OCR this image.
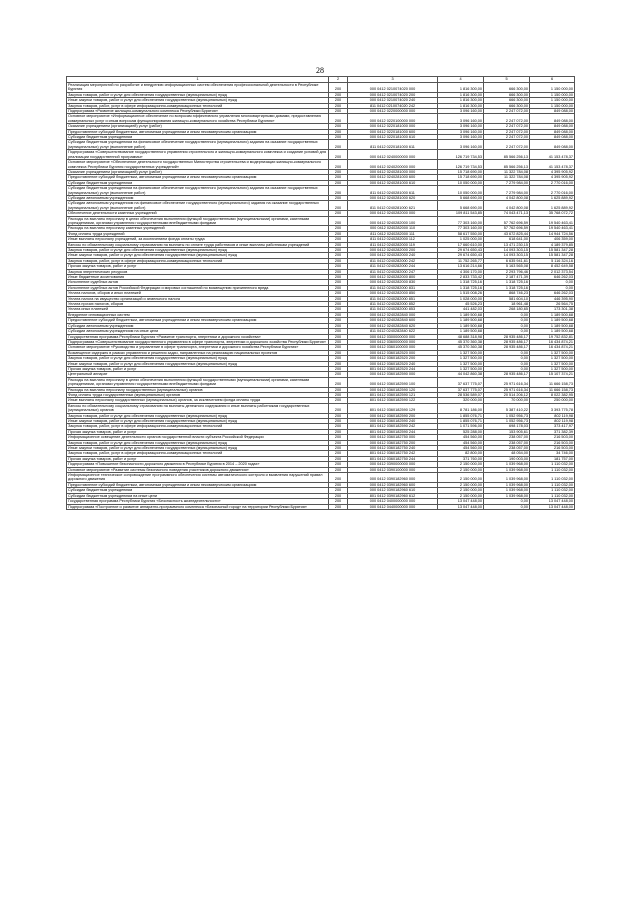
28
1	2	3	4	5	6
Реализация мероприятий по разработке и внедрению информационных систем обеспечения профессиональной деятельности в Республике Бурятия	200	000 0412 0210074020 000	1 816 300,00	666 300,00	1 150 000,00
Закупка товаров, работ и услуг для обеспечения государственных (муниципальных) нужд	200	000 0412 0210074020 200	1 816 300,00	666 300,00	1 150 000,00
Иные закупки товаров, работ и услуг для обеспечения государственных (муниципальных) нужд	200	000 0412 0210074020 240	1 816 300,00	666 300,00	1 150 000,00
Закупка товаров, работ, услуг в сфере информационно-коммуникационных технологий	200	811 0412 0210074020 242	1 816 300,00	666 300,00	1 150 000,00
Подпрограмма «Развитие жилищно-коммунального комплекса Республики Бурятия»	200	000 0412 0220000000 000	3 096 160,00	2 247 072,00	849 088,00
Основное мероприятие «Информационное обеспечение по вопросам эффективного управления многоквартирными домами, предоставлению коммунальных услуг и иным вопросам функционирования жилищно-коммунального хозяйства Республики Бурятия»	200	000 0412 0220100000 000	3 096 160,00	2 247 072,00	849 088,00
Оказание учреждением (организацией) услуг (работ)	200	000 0412 0220181000 000	3 096 160,00	2 247 072,00	849 088,00
Предоставление субсидий бюджетным, автономным учреждениям и иным некоммерческим организациям	200	000 0412 0220181000 600	3 096 160,00	2 247 072,00	849 088,00
Субсидии бюджетным учреждениям	200	000 0412 0220181000 610	3 096 160,00	2 247 072,00	849 088,00
Субсидии бюджетным учреждениям на финансовое обеспечение государственного (муниципального) задания на оказание государственных (муниципальных) услуг (выполнение работ)	200	811 0412 0220181000 611	3 096 160,00	2 247 072,00	849 088,00
Подпрограмма «Совершенствование государственного управления строительного и жилищно-коммунального комплекса и создание условий для реализации государственной программы»	200	000 0412 0240000000 000	126 719 734,53	85 566 256,13	41 153 478,37
Основное мероприятие «Обеспечение деятельности государственных Министерства строительства и модернизации жилищно-коммунального комплекса Республики Бурятия государственных учреждений»	200	000 0412 0240200000 000	126 719 734,53	85 566 256,13	41 153 478,37
Оказание учреждением (организацией) услуг (работ)	200	000 0412 0240281000 000	15 718 690,00	11 322 784,08	4 395 905,92
Предоставление субсидий бюджетным, автономным учреждениям и иным некоммерческим организациям	200	000 0412 0240281000 600	15 718 690,00	11 322 784,08	4 395 905,92
Субсидии бюджетным учреждениям	200	000 0412 0240281000 610	10 050 000,00	7 279 984,00	2 770 016,00
Субсидии бюджетным учреждениям на финансовое обеспечение государственного (муниципального) задания на оказание государственных (муниципальных) услуг (выполнение работ)	200	811 0412 0240281000 611	10 050 000,00	7 279 984,00	2 770 016,00
Субсидии автономным учреждениям	200	000 0412 0240281000 620	5 668 690,00	4 042 800,08	1 625 889,92
Субсидии автономным учреждениям на финансовое обеспечение государственного (муниципального) задания на оказание государственных (муниципальных) услуг (выполнение работ)	200	811 0412 0240281000 621	5 668 690,00	4 042 800,08	1 625 889,92
Обеспечение деятельности казенных учреждений	200	000 0412 0240282000 000	109 811 543,85	74 043 471,13	35 768 072,72
Расходы на выплаты персоналу в целях обеспечения выполнения функций государственными (муниципальными) органами, казенными учреждениями, органами управления государственными внебюджетными фондами	200	000 0412 0240282000 100	77 303 160,00	57 762 696,59	19 540 463,41
Расходы на выплаты персоналу казенных учреждений	200	000 0412 0240282000 110	77 303 160,00	57 762 696,59	19 540 463,41
Фонд оплаты труда учреждений	200	811 0412 0240282000 111	58 617 550,00	43 672 825,44	14 944 724,56
Иные выплаты персоналу учреждений, за исключением фонда оплаты труда	200	811 0412 0240282000 112	1 025 000,00	618 641,00	406 359,00
Взносы по обязательному социальному страхованию на выплаты по оплате труда работников и иные выплаты работникам учреждений	200	811 0412 0240282000 119	17 660 610,00	13 471 230,15	4 189 379,85
Закупка товаров, работ и услуг для обеспечения государственных (муниципальных) нужд	200	000 0412 0240282000 200	29 674 650,43	14 093 303,15	15 581 347,28
Иные закупки товаров, работ и услуг для обеспечения государственных (муниципальных) нужд	200	000 0412 0240282000 240	29 674 650,43	14 093 303,15	15 581 347,28
Закупка товаров, работ, услуг в сфере информационно-коммуникационных технологий	200	811 0412 0240282000 242	11 752 265,77	6 635 941,61	5 116 324,16
Прочая закупка товаров, работ и услуг	200	811 0412 0240282000 244	13 616 214,66	5 163 565,08	8 452 649,58
Закупка энергетических ресурсов	200	811 0412 0240282000 247	4 306 170,00	2 293 796,46	2 012 373,54
Иные бюджетные ассигнования	200	000 0412 0240282000 800	2 833 733,42	2 187 471,39	646 262,03
Исполнение судебных актов	200	000 0412 0240282000 830	1 318 725,16	1 318 725,16	0,00
Исполнение судебных актов Российской Федерации и мировых соглашений по возмещению причиненного вреда	200	811 0412 0240282000 831	1 318 725,16	1 318 725,16	0,00
Уплата налогов, сборов и иных платежей	200	000 0412 0240282000 850	1 515 008,26	868 746,23	646 262,03
Уплата налога на имущество организаций и земельного налога	200	811 0412 0240282000 851	1 028 000,00	581 604,10	446 395,90
Уплата прочих налогов, сборов	200	811 0412 0240282000 852	45 526,23	18 961,48	26 564,75
Уплата иных платежей	200	811 0412 0240282000 853	441 482,03	268 180,65	173 301,38
Внедрение инновационных систем	200	000 0412 0240282840 000	1 189 500,68	0,00	1 189 500,68
Предоставление субсидий бюджетным, автономным учреждениям и иным некоммерческим организациям	200	000 0412 0240282840 600	1 189 500,68	0,00	1 189 500,68
Субсидии автономным учреждениям	200	000 0412 0240282840 620	1 189 500,68	0,00	1 189 500,68
Субсидии автономным учреждениям на иные цели	200	811 0412 0240282840 622	1 189 500,68	0,00	1 189 500,68
Государственная программа Республики Бурятия «Развитие транспорта, энергетики и дорожного хозяйства»	200	000 0412 0300000000 000	48 688 318,98	28 935 486,17	19 752 832,81
Подпрограмма «Совершенствование государственного управления в сфере транспорта, энергетики и дорожного хозяйства Республики Бурятия»	200	000 0412 0360000000 000	45 370 360,38	28 935 486,17	16 434 874,21
Основное мероприятие «Руководство и управление в сфере транспорта, энергетики и дорожного хозяйства Республики Бурятия»	200	000 0412 0360100000 000	45 370 360,38	28 935 486,17	16 434 874,21
Возмещение издержек в рамках управления и решения задач, направленных на реализацию национальных проектов	200	000 0412 0360182520 000	1 327 500,00	0,00	1 327 500,00
Закупка товаров, работ и услуг для обеспечения государственных (муниципальных) нужд	200	000 0412 0360182520 200	1 327 500,00	0,00	1 327 500,00
Иные закупки товаров, работ и услуг для обеспечения государственных (муниципальных) нужд	200	000 0412 0360182520 240	1 327 500,00	0,00	1 327 500,00
Прочая закупка товаров, работ и услуг	200	801 0412 0360182520 244	1 327 500,00	0,00	1 327 500,00
Центральный аппарат	200	000 0412 0360182590 000	44 042 860,38	28 935 486,17	15 107 374,21
Расходы на выплаты персоналу в целях обеспечения выполнения функций государственными (муниципальными) органами, казенными учреждениями, органами управления государственными внебюджетными фондами	200	000 0412 0360182590 100	37 637 775,07	25 971 616,34	11 666 158,73
Расходы на выплаты персоналу государственных (муниципальных) органов	200	000 0412 0360182590 120	37 637 775,07	25 971 616,34	11 666 158,73
Фонд оплаты труда государственных (муниципальных) органов	200	801 0412 0360182590 121	28 536 589,07	20 514 206,12	8 022 382,95
Иные выплаты персоналу государственных (муниципальных) органов, за исключением фонда оплаты труда	200	801 0412 0360182590 122	320 000,00	70 000,00	250 000,00
Взносы по обязательному социальному страхованию на выплаты денежного содержания и иные выплаты работникам государственных (муниципальных) органов	200	801 0412 0360182590 129	8 781 186,00	5 387 410,22	3 393 775,78
Закупка товаров, работ и услуг для обеспечения государственных (муниципальных) нужд	200	000 0412 0360182590 200	1 855 076,71	1 052 956,73	802 119,98
Иные закупки товаров, работ и услуг для обеспечения государственных (муниципальных) нужд	200	000 0412 0360182590 240	1 855 076,71	1 052 956,73	802 119,98
Закупка товаров, работ, услуг в сфере информационно-коммуникационных технологий	200	801 0412 0360182590 242	1 071 596,00	698 178,03	373 417,97
Прочая закупка товаров, работ и услуг	200	801 0412 0360182590 244	525 288,00	153 905,61	371 382,39
Информационное освещение деятельности органов государственной власти субъекта Российской Федерации	200	000 0412 0360182750 000	454 560,00	238 057,00	216 503,00
Закупка товаров, работ и услуг для обеспечения государственных (муниципальных) нужд	200	000 0412 0360182750 200	454 560,00	238 057,00	216 503,00
Иные закупки товаров, работ и услуг для обеспечения государственных (муниципальных) нужд	200	000 0412 0360182750 240	454 560,00	238 057,00	216 503,00
Закупка товаров, работ, услуг в сфере информационно-коммуникационных технологий	200	801 0412 0360182750 242	82 800,00	48 054,00	34 746,00
Прочая закупка товаров, работ и услуг	200	801 0412 0360182750 244	371 760,00	190 003,00	181 757,00
Подпрограмма «Повышение безопасности дорожного движения в Республике Бурятия в 2014 – 2020 годах»	200	000 0412 0390000000 000	2 150 000,00	1 039 968,00	1 110 032,00
Основное мероприятие «Развитие системы безопасного поведения участников дорожного движения»	200	000 0412 0390100000 000	2 150 000,00	1 039 968,00	1 110 032,00
Информационное техническое сопровождение программного обеспечения системы автоматического контроля и выявления нарушений правил дорожного движения	200	000 0412 0390182960 000	2 150 000,00	1 039 968,00	1 110 032,00
Предоставление субсидий бюджетным, автономным учреждениям и иным некоммерческим организациям	200	000 0412 0390182960 600	2 150 000,00	1 039 968,00	1 110 032,00
Субсидии бюджетным учреждениям	200	000 0412 0390182960 610	2 150 000,00	1 039 968,00	1 110 032,00
Субсидии бюджетным учреждениям на иные цели	200	801 0412 0390182960 612	2 150 000,00	1 039 968,00	1 110 032,00
Государственная программа Республики Бурятия «Безопасность жизнедеятельности»	200	000 0412 0400000000 000	13 047 448,00	0,00	13 047 448,00
Подпрограмма «Построение и развитие аппаратно-программного комплекса «Безопасный город» на территории Республики Бурятия»	200	000 0412 0440000000 000	13 047 448,00	0,00	13 047 448,00
